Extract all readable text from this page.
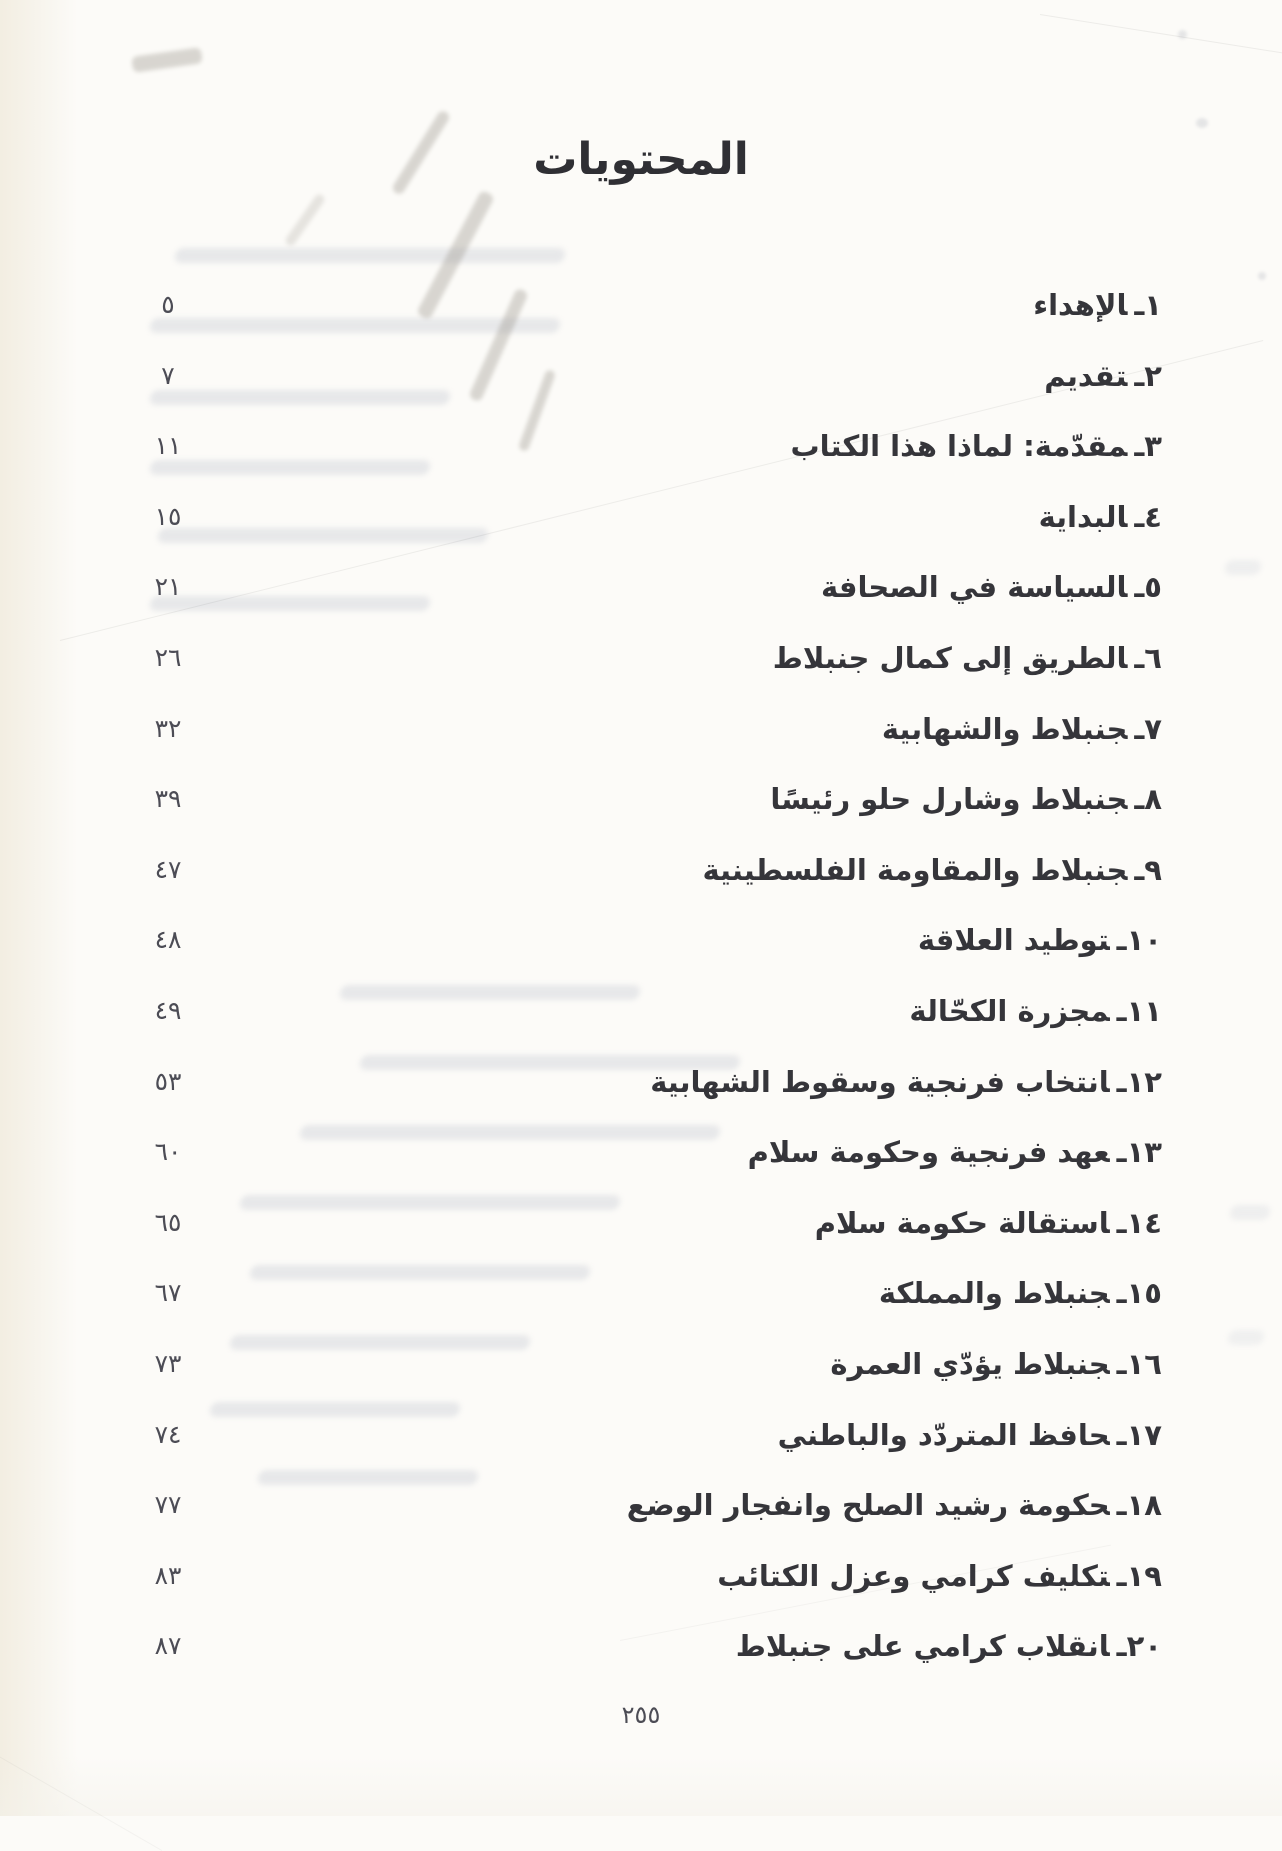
المحتويات
٥	١ـالإهداء
٧	٢ـتقديم
١١	٣ـمقدّمة: لماذا هذا الكتاب
١٥	٤ـالبداية
٢١	٥ـالسياسة في الصحافة
٢٦	٦ـالطريق إلى كمال جنبلاط
٣٢	٧ـجنبلاط والشهابية
٣٩	٨ـجنبلاط وشارل حلو رئيسًا
٤٧	٩ـجنبلاط والمقاومة الفلسطينية
٤٨	١٠ـتوطيد العلاقة
٤٩	١١ـمجزرة الكحّالة
٥٣	١٢ـانتخاب فرنجية وسقوط الشهابية
٦٠	١٣ـعهد فرنجية وحكومة سلام
٦٥	١٤ـاستقالة حكومة سلام
٦٧	١٥ـجنبلاط والمملكة
٧٣	١٦ـجنبلاط يؤدّي العمرة
٧٤	١٧ـحافظ المتردّد والباطني
٧٧	١٨ـحكومة رشيد الصلح وانفجار الوضع
٨٣	١٩ـتكليف كرامي وعزل الكتائب
٨٧	٢٠ـانقلاب كرامي على جنبلاط
٢٥٥
